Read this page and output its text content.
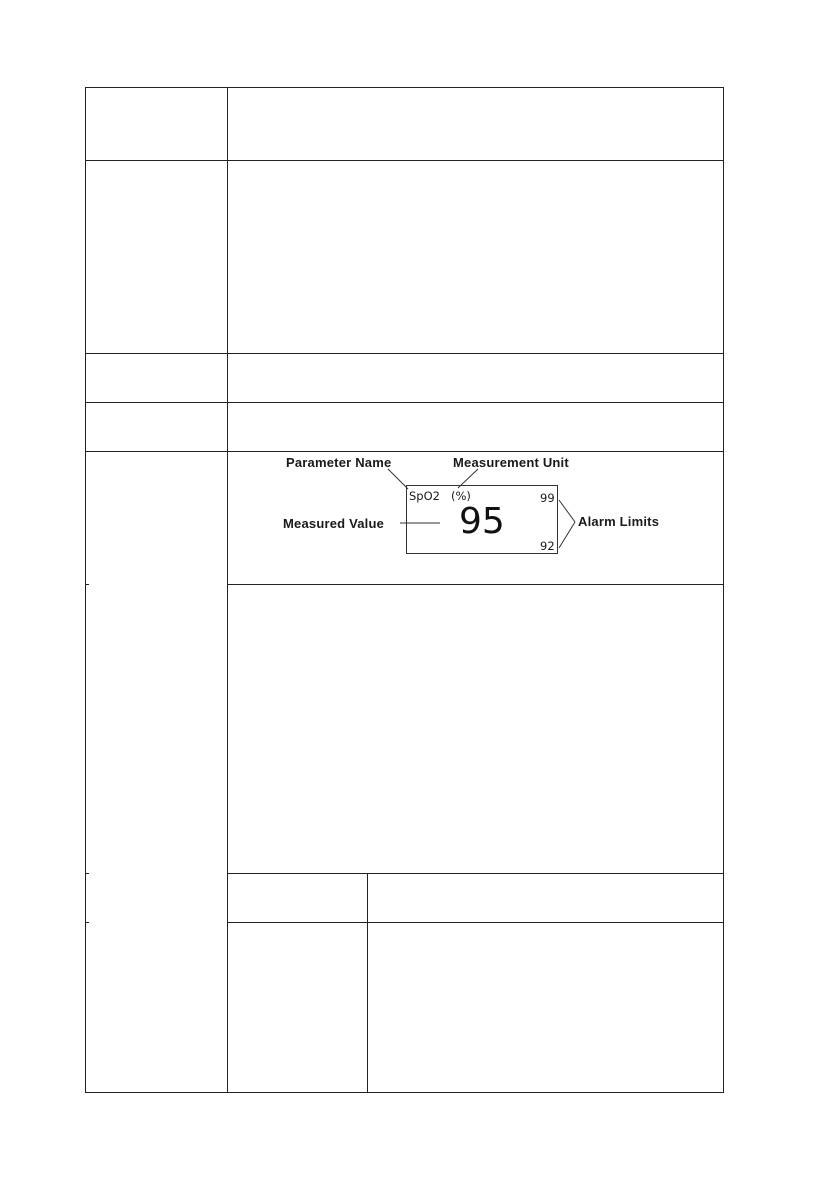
Parameter Name	Measurement Unit
Measured Value	Alarm Limits
SpO2 (%)
95
99
92
